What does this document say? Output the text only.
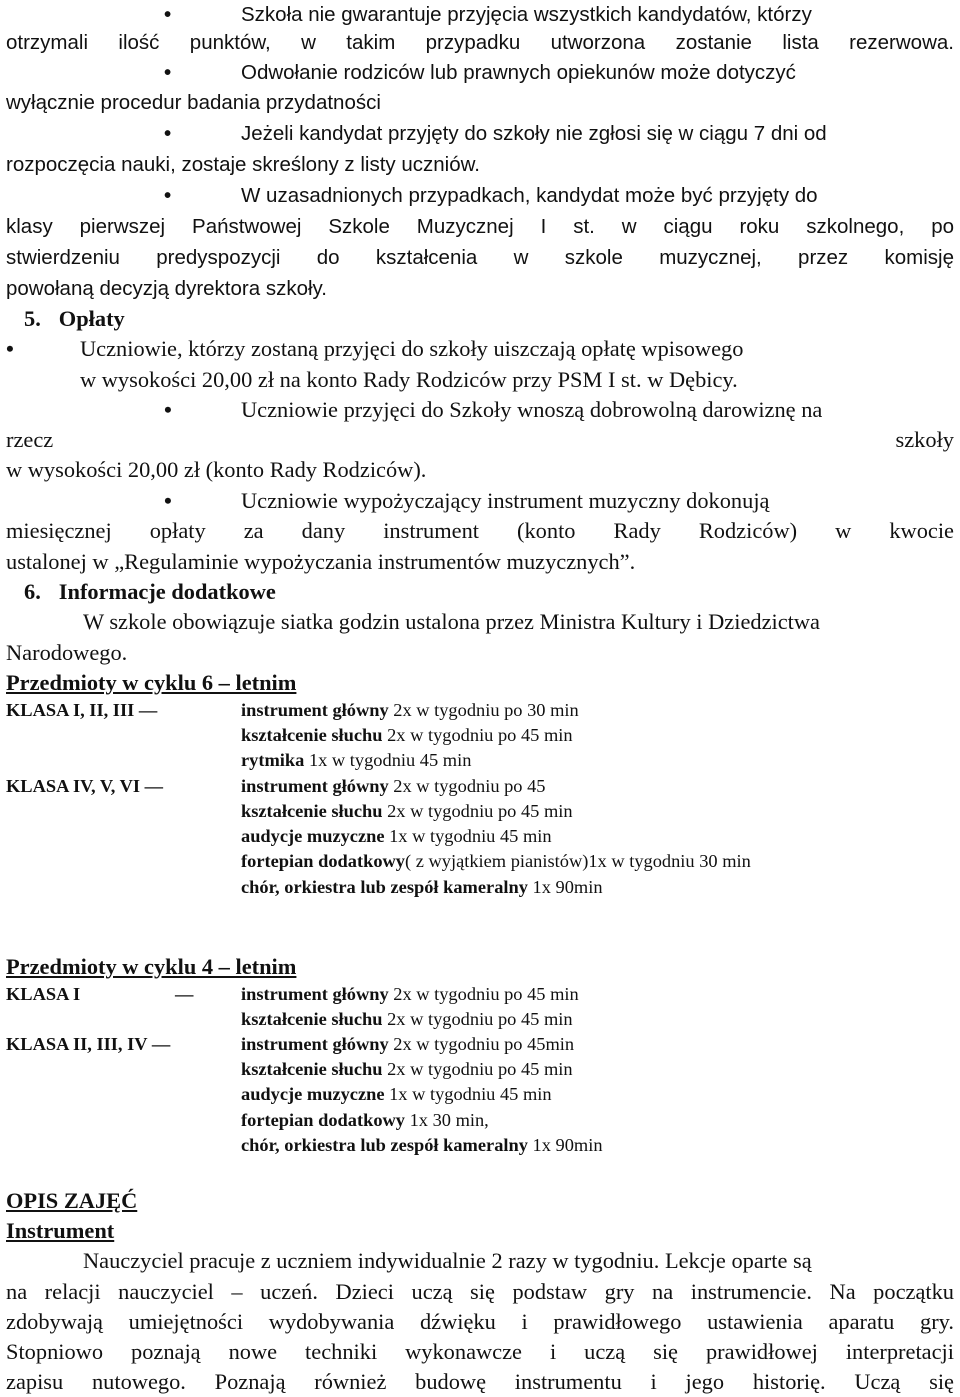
•	Szkoła nie gwarantuje przyjęcia wszystkich kandydatów, którzy
otrzymali ilość punktów, w takim przypadku utworzona zostanie lista rezerwowa.
•	Odwołanie rodziców lub prawnych opiekunów może dotyczyć
wyłącznie procedur badania przydatności
•	Jeżeli kandydat przyjęty do szkoły nie zgłosi się w ciągu 7 dni od
rozpoczęcia nauki, zostaje skreślony z listy uczniów.
•	W uzasadnionych przypadkach, kandydat może być przyjęty do
klasy pierwszej Państwowej Szkole Muzycznej I st. w ciągu roku szkolnego, po
stwierdzeniu predyspozycji do kształcenia w szkole muzycznej, przez komisję
powołaną decyzją dyrektora szkoły.
5. Opłaty
•	Uczniowie, którzy zostaną przyjęci do szkoły uiszczają opłatę wpisowego
w wysokości 20,00 zł na konto Rady Rodziców przy PSM I st. w Dębicy.
•	Uczniowie przyjęci do Szkoły wnoszą dobrowolną darowiznę na
rzecz	szkoły
w wysokości 20,00 zł (konto Rady Rodziców).
•	Uczniowie wypożyczający instrument muzyczny dokonują
miesięcznej opłaty za dany instrument (konto Rady Rodziców) w kwocie
ustalonej w „Regulaminie wypożyczania instrumentów muzycznych”.
6. Informacje dodatkowe
W szkole obowiązuje siatka godzin ustalona przez Ministra Kultury i Dziedzictwa
Narodowego.
Przedmioty w cyklu 6 – letnim
KLASA I, II, III —	instrument główny 2x w tygodniu po 30 min
kształcenie słuchu 2x w tygodniu po 45 min
rytmika 1x w tygodniu 45 min
KLASA IV, V, VI —	instrument główny 2x w tygodniu po 45
kształcenie słuchu 2x w tygodniu po 45 min
audycje muzyczne 1x w tygodniu 45 min
fortepian dodatkowy( z wyjątkiem pianistów)1x w tygodniu 30 min
chór, orkiestra lub zespół kameralny 1x 90min
Przedmioty w cyklu 4 – letnim
KLASA I	—	instrument główny 2x w tygodniu po 45 min
kształcenie słuchu 2x w tygodniu po 45 min
KLASA II, III, IV —	instrument główny 2x w tygodniu po 45min
kształcenie słuchu 2x w tygodniu po 45 min
audycje muzyczne 1x w tygodniu 45 min
fortepian dodatkowy 1x 30 min,
chór, orkiestra lub zespół kameralny 1x 90min
OPIS ZAJĘĆ
Instrument
Nauczyciel pracuje z uczniem indywidualnie 2 razy w tygodniu. Lekcje oparte są
na relacji nauczyciel – uczeń. Dzieci uczą się podstaw gry na instrumencie. Na początku
zdobywają umiejętności wydobywania dźwięku i prawidłowego ustawienia aparatu gry.
Stopniowo poznają nowe techniki wykonawcze i uczą się prawidłowej interpretacji
zapisu nutowego. Poznają również budowę instrumentu i jego historię. Uczą się
